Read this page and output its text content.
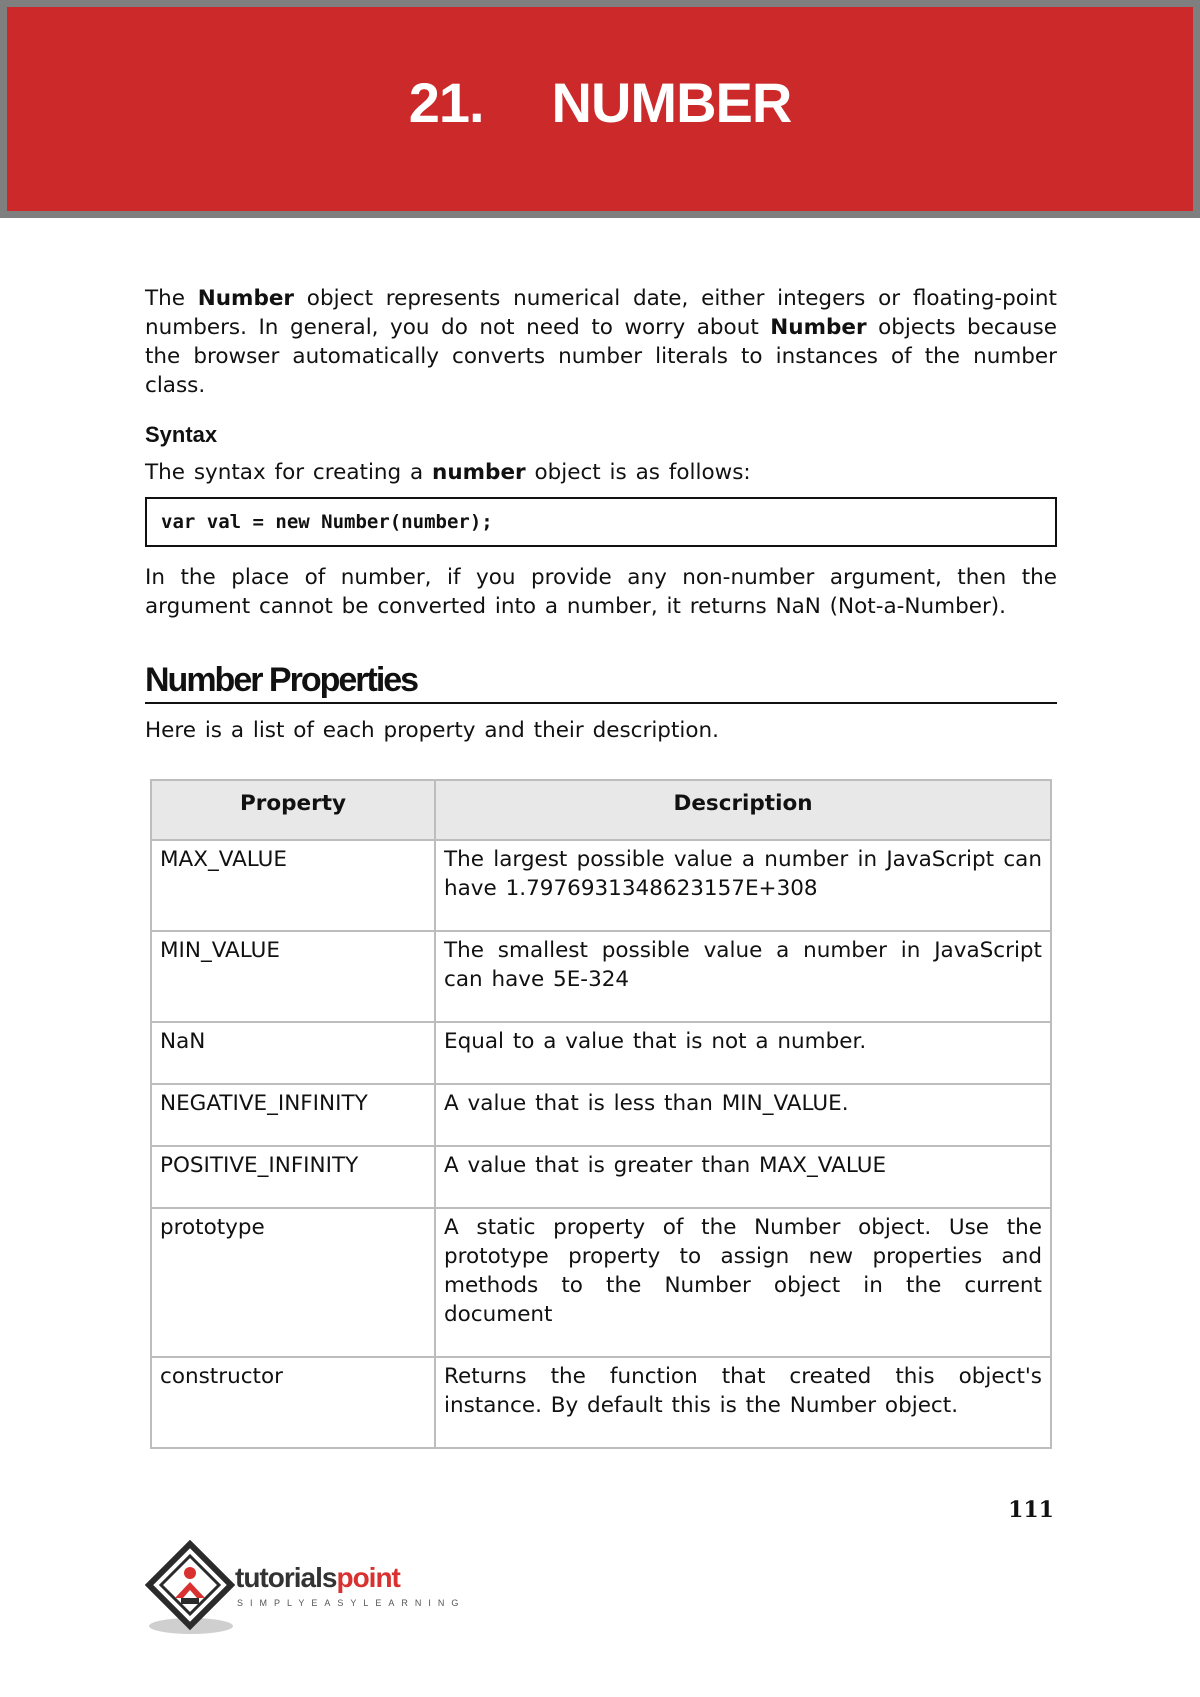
21. NUMBER

The Number object represents numerical date, either integers or floating-point numbers. In general, you do not need to worry about Number objects because the browser automatically converts number literals to instances of the number class.

Syntax

The syntax for creating a number object is as follows:

var val = new Number(number);

In the place of number, if you provide any non-number argument, then the argument cannot be converted into a number, it returns NaN (Not-a-Number).

Number Properties

Here is a list of each property and their description.

Property	Description
MAX_VALUE	The largest possible value a number in JavaScript can have 1.7976931348623157E+308
MIN_VALUE	The smallest possible value a number in JavaScript can have 5E-324
NaN	Equal to a value that is not a number.
NEGATIVE_INFINITY	A value that is less than MIN_VALUE.
POSITIVE_INFINITY	A value that is greater than MAX_VALUE
prototype	A static property of the Number object. Use the prototype property to assign new properties and methods to the Number object in the current document
constructor	Returns the function that created this object's instance. By default this is the Number object.
111
tutorialspoint
SIMPLYEASYLEARNING
